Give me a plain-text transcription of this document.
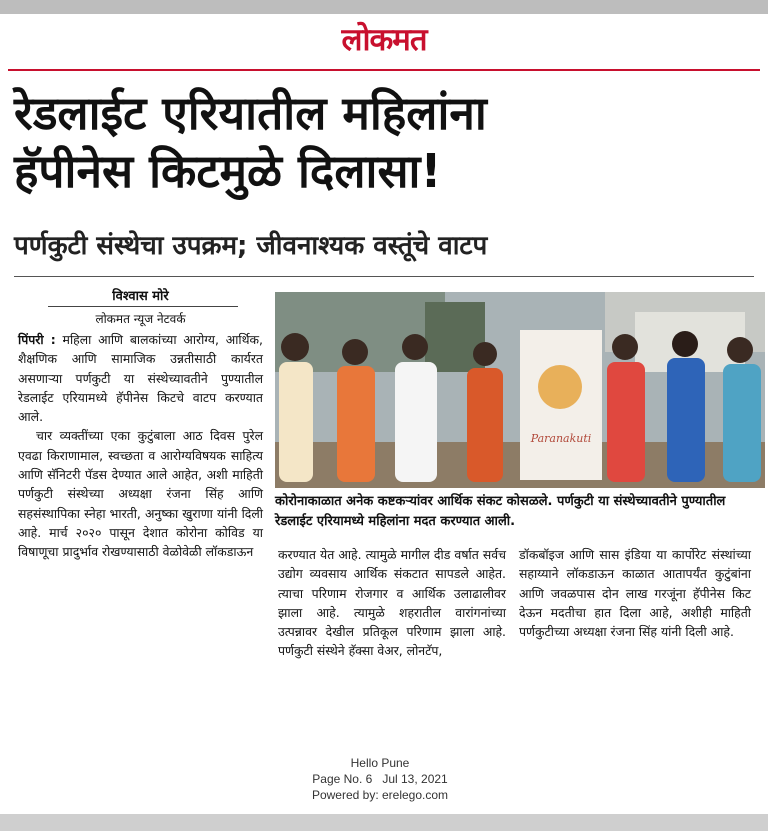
लोकमत
रेडलाईट एरियातील महिलांना
हॅपीनेस किटमुळे दिलासा!
पर्णकुटी संस्थेचा उपक्रम; जीवनाश्यक वस्तूंचे वाटप
विश्वास मोरे
लोकमत न्यूज नेटवर्क

पिंपरी : महिला आणि बालकांच्या आरोग्य, आर्थिक, शैक्षणिक आणि सामाजिक उन्नतीसाठी कार्यरत असणाऱ्या पर्णकुटी या संस्थेच्यावतीने पुण्यातील रेडलाईट एरियामध्ये हॅपीनेस किटचे वाटप करण्यात आले.

चार व्यक्तींच्या एका कुटुंबाला आठ दिवस पुरेल एवढा किराणामाल, स्वच्छता व आरोग्यविषयक साहित्य आणि सॅनिटरी पॅडस देण्यात आले आहेत, अशी माहिती पर्णकुटी संस्थेच्या अध्यक्षा रंजना सिंह आणि सहसंस्थापिका स्नेहा भारती, अनुष्का खुराणा यांनी दिली आहे. मार्च २०२० पासून देशात कोरोना कोविड या विषाणूचा प्रादुर्भाव रोखण्यासाठी वेळोवेळी लॉकडाऊन

Paranakuti
कोरोनाकाळात अनेक कष्टकऱ्यांवर आर्थिक संकट कोसळले. पर्णकुटी या संस्थेच्यावतीने पुण्यातील रेडलाईट एरियामध्ये महिलांना मदत करण्यात आली.
करण्यात येत आहे. त्यामुळे मागील दीड वर्षात सर्वच उद्योग व्यवसाय आर्थिक संकटात सापडले आहेत. त्याचा परिणाम रोजगार व आर्थिक उलाढालीवर झाला आहे. त्यामुळे शहरातील वारांगनांच्या उत्पन्नावर देखील प्रतिकूल परिणाम झाला आहे. पर्णकुटी संस्थेने हॅक्सा वेअर, लोनटॅप,
डॉकबॉइज आणि सास इंडिया या कार्पोरेट संस्थांच्या सहाय्याने लॉकडाऊन काळात आतापर्यंत कुटुंबांना आणि जवळपास दोन लाख गरजूंना हॅपीनेस किट देऊन मदतीचा हात दिला आहे, अशीही माहिती पर्णकुटीच्या अध्यक्षा रंजना सिंह यांनी दिली आहे.
Hello Pune
Page No. 6 Jul 13, 2021
Powered by: erelego.com
